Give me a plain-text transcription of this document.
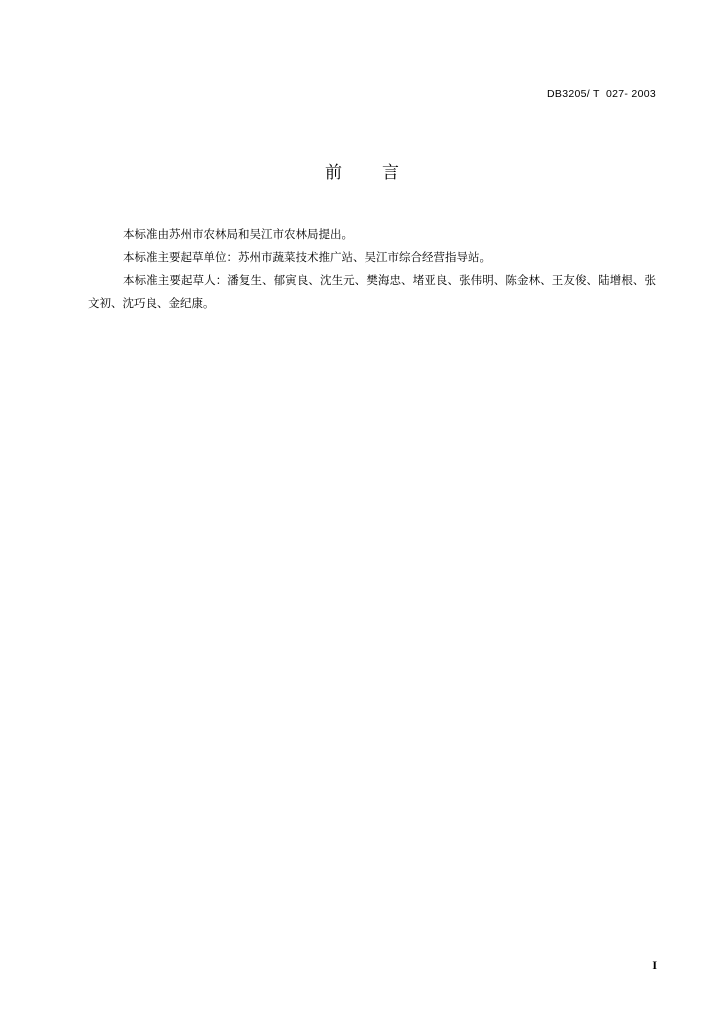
DB3205/ T  027- 2003
前 言

本标准由苏州市农林局和吴江市农林局提出。

本标准主要起草单位：苏州市蔬菜技术推广站、吴江市综合经营指导站。

本标准主要起草人：潘复生、郁寅良、沈生元、樊海忠、堵亚良、张伟明、陈金林、王友俊、陆增根、张文初、沈巧良、金纪康。

I
